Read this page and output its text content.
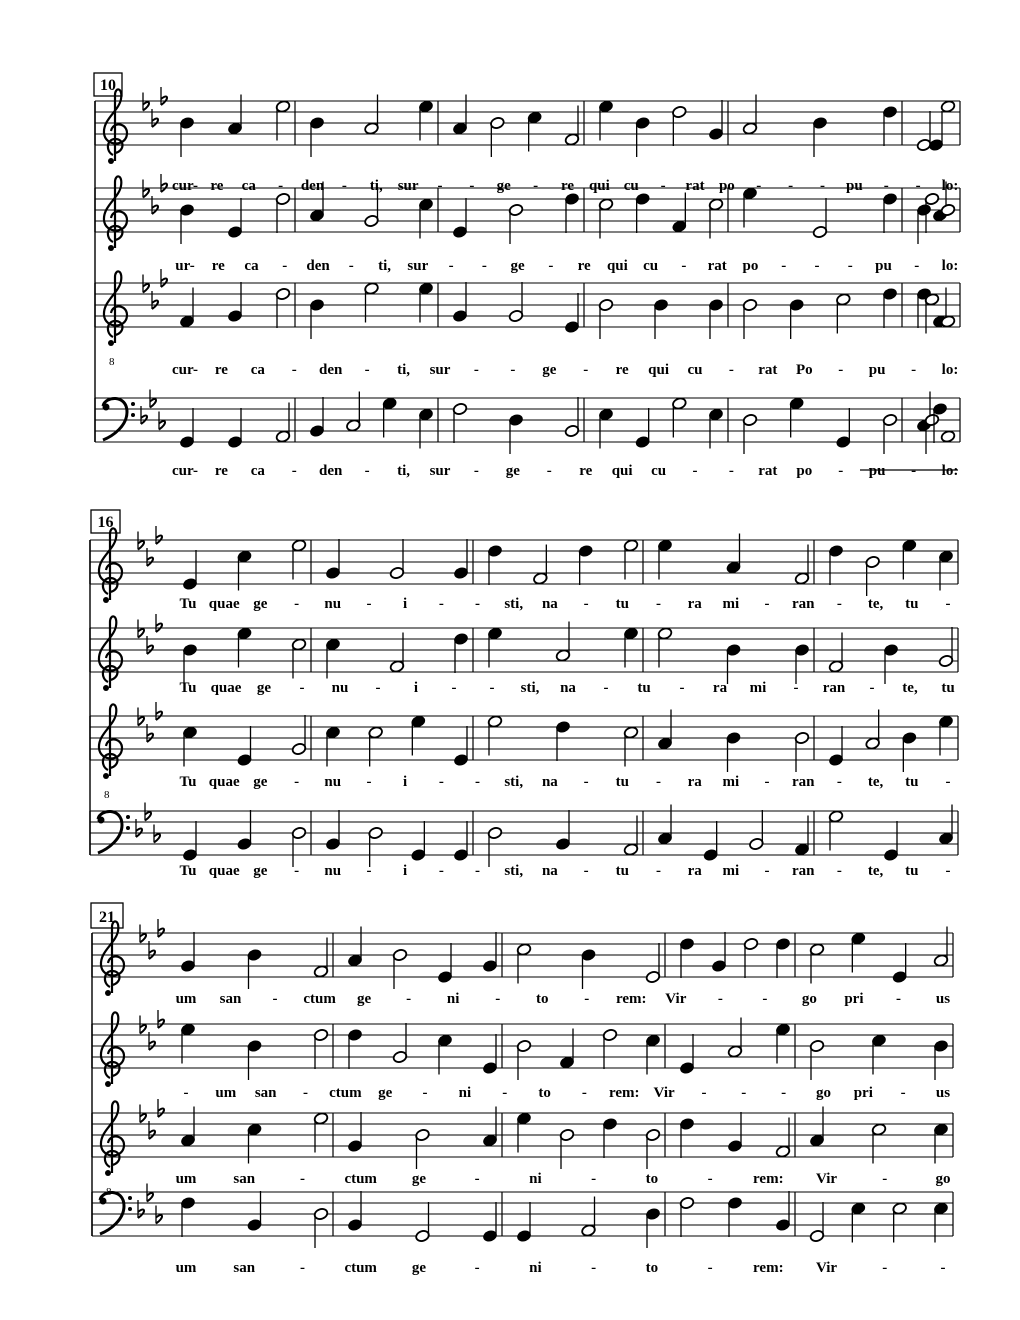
10
cur- re ca - den - ti, sur - - ge - re qui cu - rat po - - - pu - - lo:
ur- re ca - den - ti, sur - - ge - re qui cu - rat po - - - pu - lo:
8	cur- re ca - den - ti, sur - - ge - re qui cu - rat Po - pu - lo:
cur- re ca - den - ti, sur - ge - re qui cu - - rat po - pu - lo:
16
Tu quae ge - nu - i - - sti, na - tu - ra mi - ran - te, tu -
Tu quae ge - nu - i - - sti, na - tu - ra mi - ran - te, tu
8
Tu quae ge - nu - i - - sti, na - tu - ra mi - ran - te, tu -
Tu quae ge - nu - i - - sti, na - tu - ra mi - ran - te, tu -
21
um san - ctum ge - ni - to - rem: Vir -	- go pri - us
- um san - ctum ge - ni - to - rem: Vir - - - go pri - us
8
um san	-	ctum ge	-	ni	-	to	-	rem: Vir	-	go
um san	-	ctum ge	-	ni	-	to	-	rem: Vir	-	-
